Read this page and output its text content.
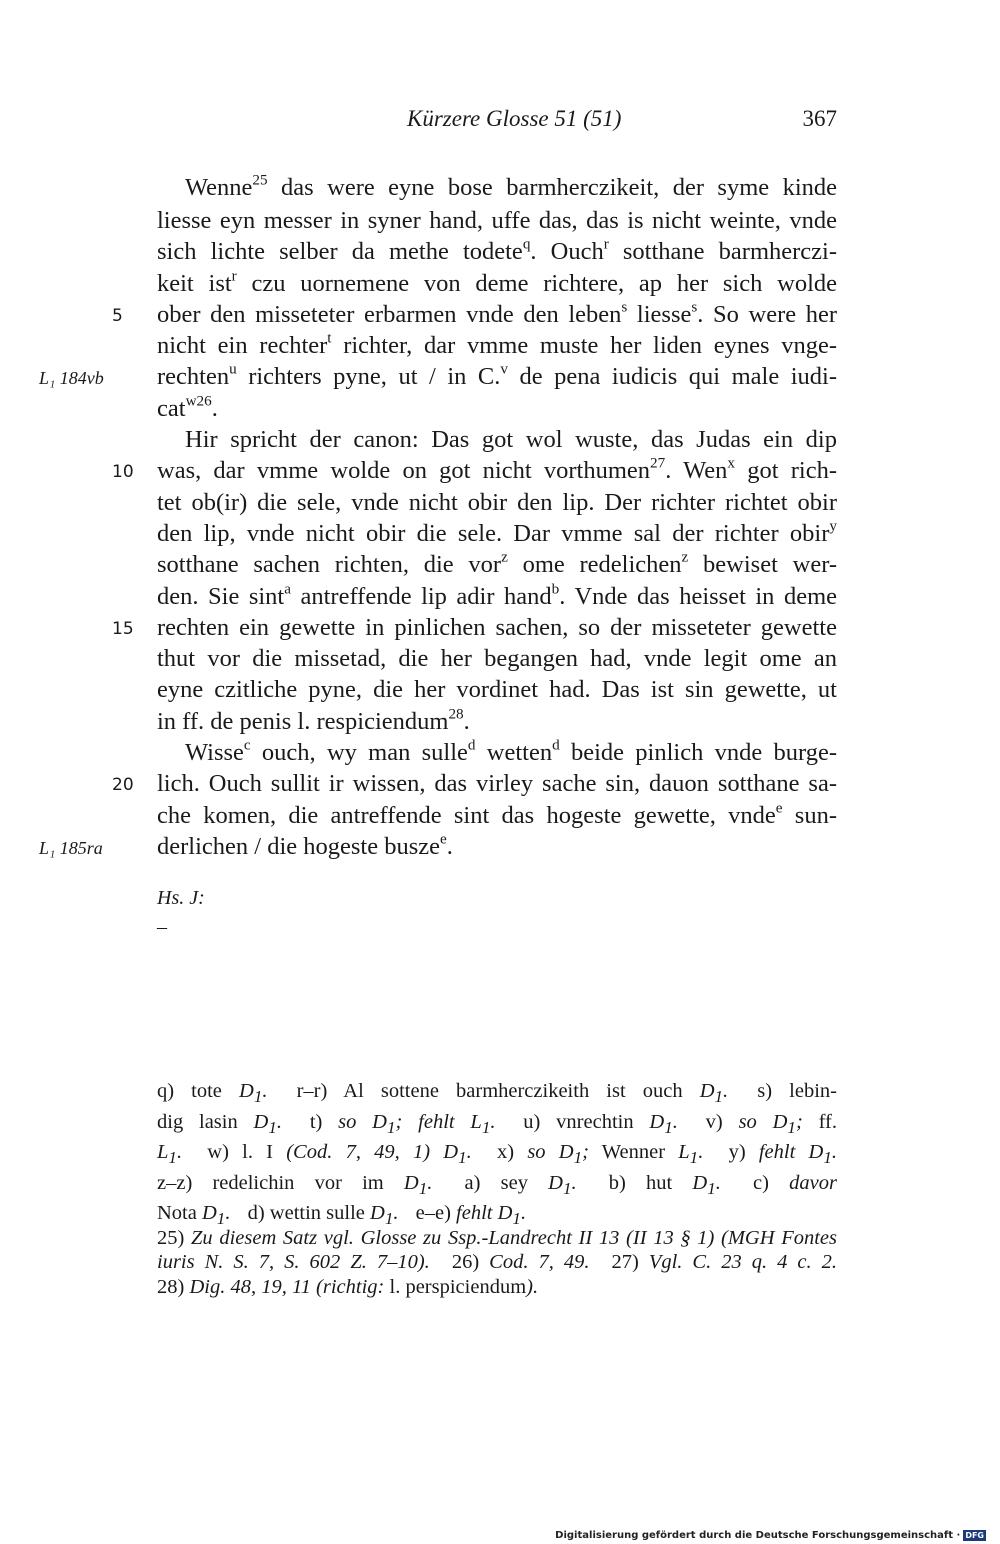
Kürzere Glosse 51 (51)	367
Wenne$^{25}$ das were eyne bose barmherczikeit, der syme kinde
liesse eyn messer in syner hand, uffe das, das is nicht weinte, vnde
sich lichte selber da methe todete$^q$. Ouch$^r$ sotthane barmherczi-
keit ist$^r$ czu uornemene von deme richtere, ap her sich wolde
5	ober den misseteter erbarmen vnde den leben$^s$ liesse$^s$. So were her
nicht ein rechter$^t$ richter, dar vmme muste her liden eynes vnge-
L₁ 184vb rechten$^u$ richters pyne, ut / in C.$^v$ de pena iudicis qui male iudi-
cat$^{w26}$.
Hir spricht der canon: Das got wol wuste, das Judas ein dip
10 was, dar vmme wolde on got nicht vorthumen$^{27}$. Wen$^x$ got rich-
tet ob(ir) die sele, vnde nicht obir den lip. Der richter richtet obir
den lip, vnde nicht obir die sele. Dar vmme sal der richter obir$^y$
sotthane sachen richten, die vor$^z$ ome redelichen$^z$ bewiset wer-
den. Sie sint$^a$ antreffende lip adir hand$^b$. Vnde das heisset in deme
15 rechten ein gewette in pinlichen sachen, so der misseteter gewette
thut vor die missetad, die her begangen had, vnde legit ome an
eyne czitliche pyne, die her vordinet had. Das ist sin gewette, ut
in ff. de penis l. respiciendum$^{28}$.
Wisse$^c$ ouch, wy man sulle$^d$ wetten$^d$ beide pinlich vnde burge-
20 lich. Ouch sullit ir wissen, das virley sache sin, dauon sotthane sa-
che komen, die antreffende sint das hogeste gewette, vnde$^e$ sun-
L₁ 185ra derlichen / die hogeste busze$^e$.
Hs. J:
–
q) tote $D_1$. r–r) Al sottene barmherczikeith ist ouch $D_1$. s) lebin-
dig lasin $D_1$. t) so $D_1$; fehlt $L_1$. u) vnrechtin $D_1$. v) so $D_1$; ff.
$L_1$. w) l. I (Cod. 7, 49, 1) $D_1$. x) so $D_1$; Wenner $L_1$. y) fehlt $D_1$.
z–z) redelichin vor im $D_1$. a) sey $D_1$. b) hut $D_1$. c) davor
Nota $D_1$. d) wettin sulle $D_1$. e–e) fehlt $D_1$.
25) Zu diesem Satz vgl. Glosse zu Ssp.-Landrecht II 13 (II 13 § 1) (MGH Fontes
iuris N. S. 7, S. 602 Z. 7–10). 26) Cod. 7, 49. 27) Vgl. C. 23 q. 4 c. 2.
28) Dig. 48, 19, 11 (richtig: l. perspiciendum).
Digitalisierung gefördert durch die Deutsche Forschungsgemeinschaft · DFG
